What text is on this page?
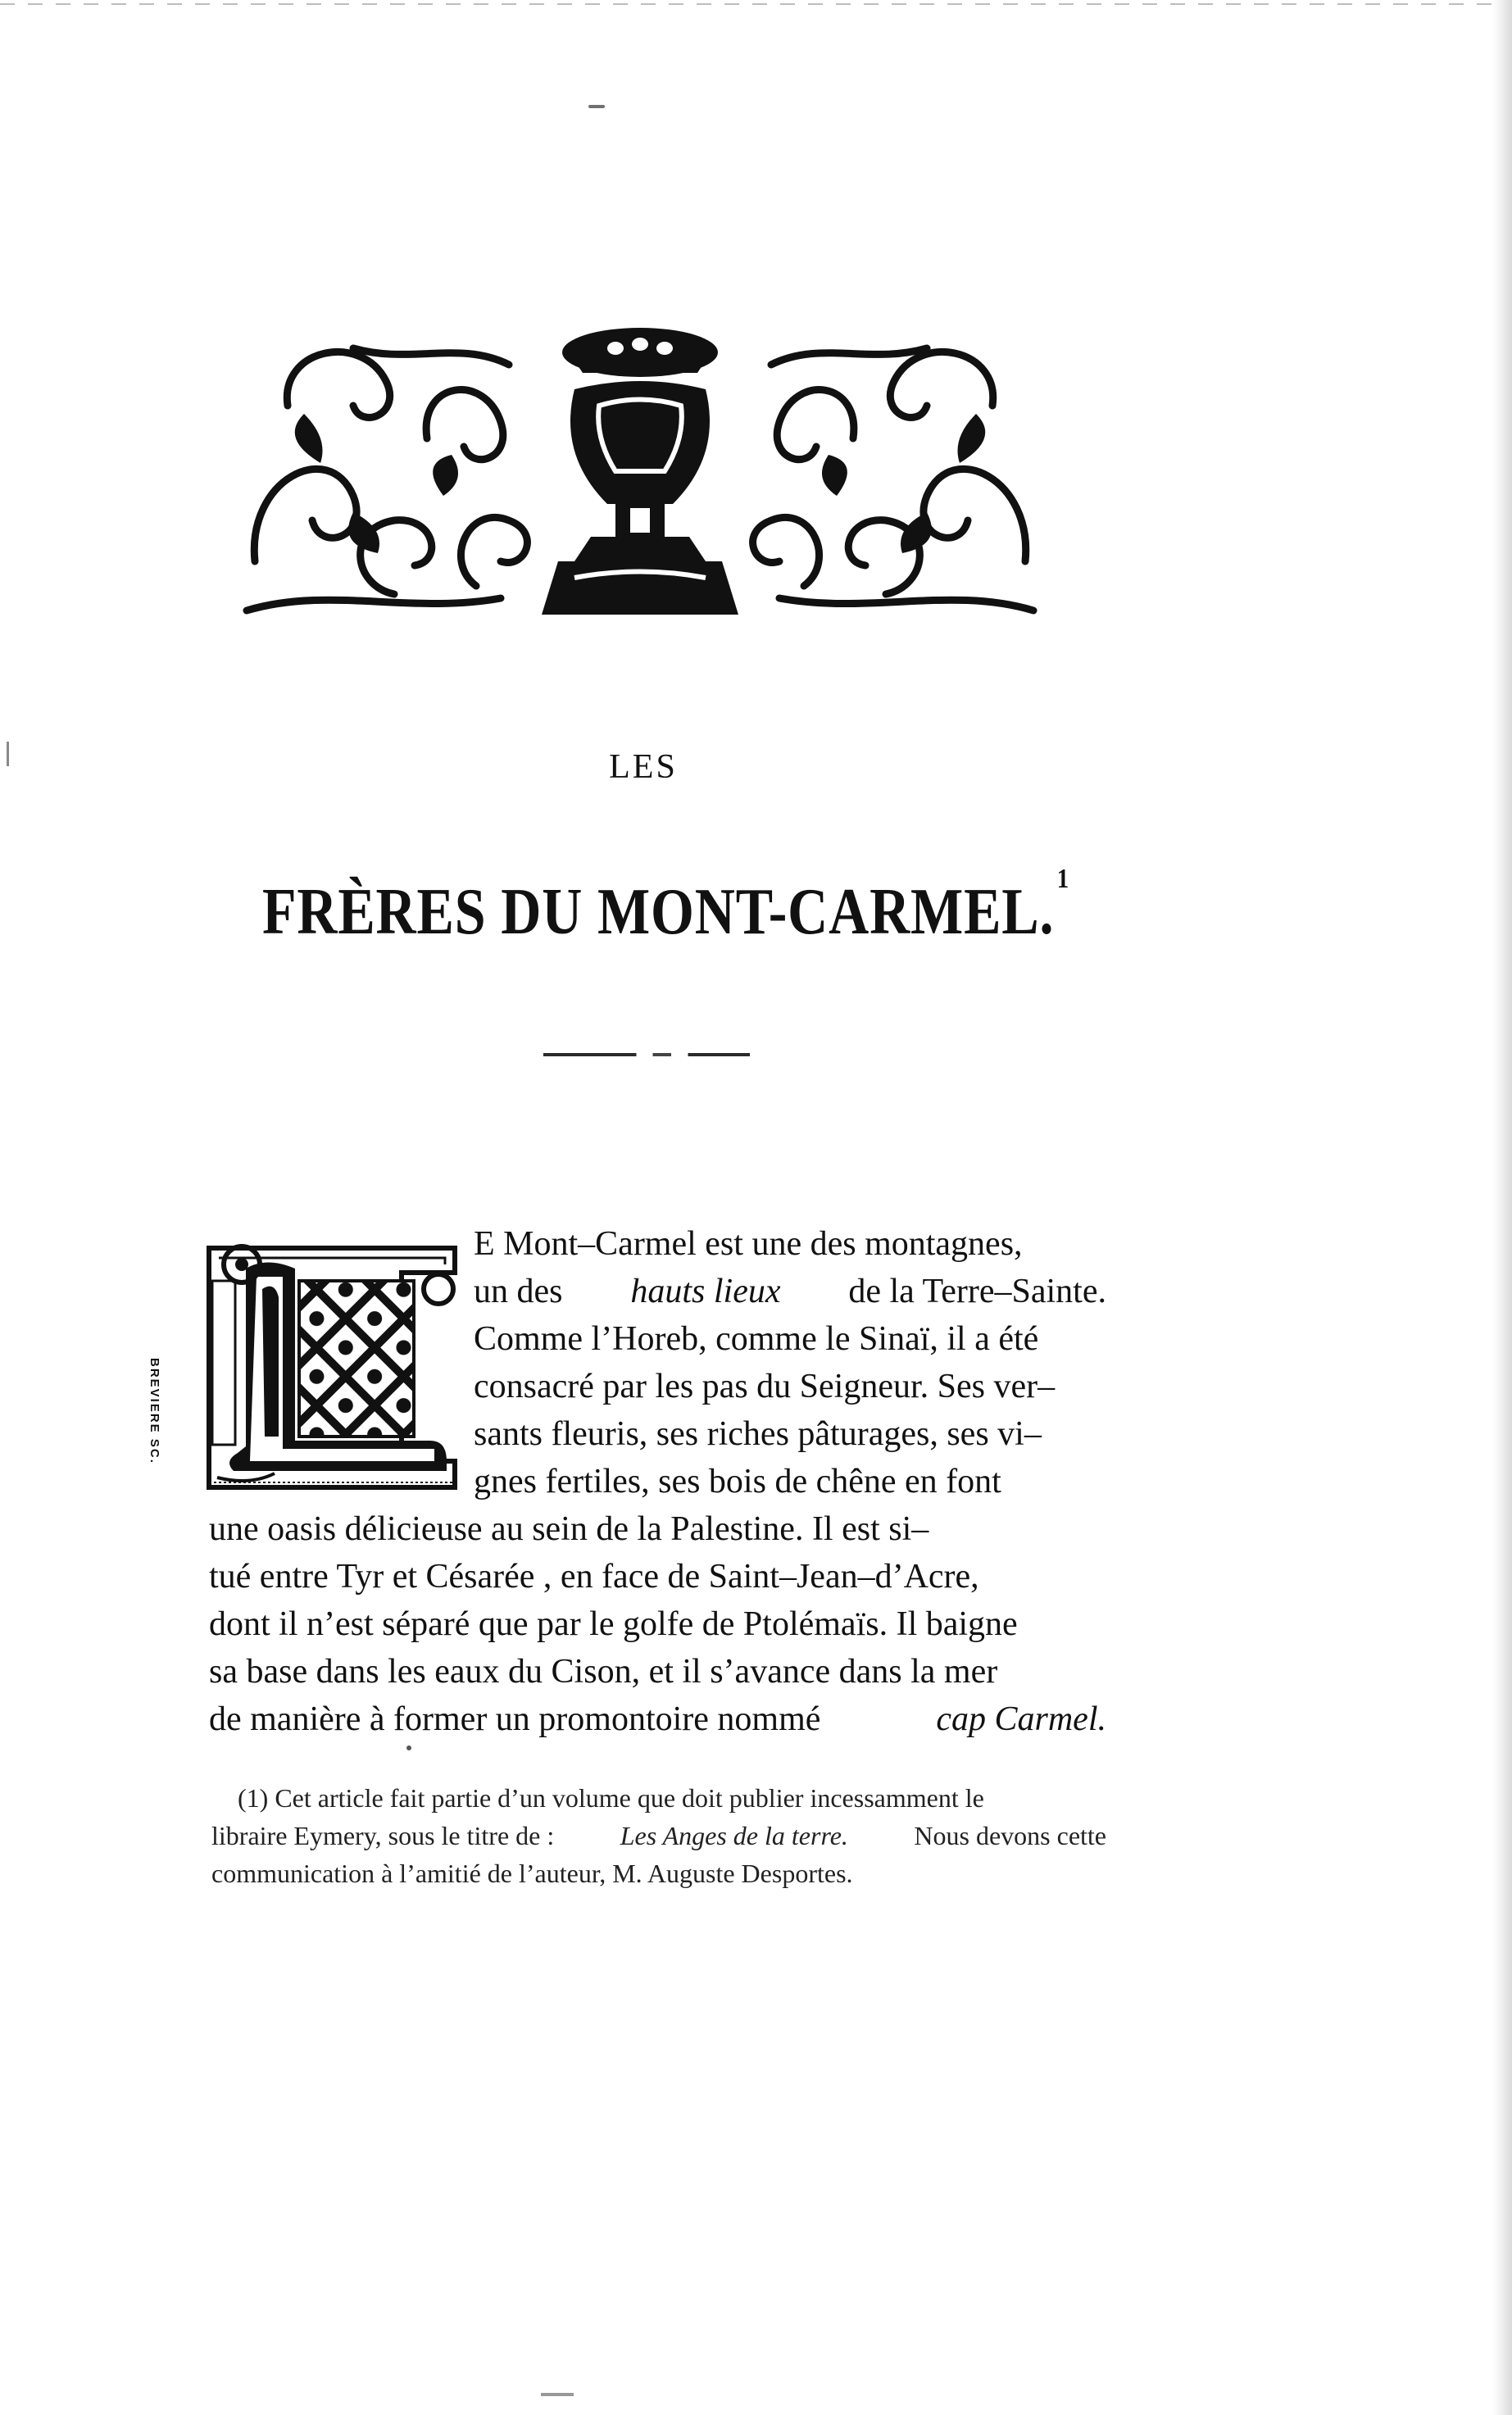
LES
FRÈRES DU MONT-CARMEL. $^1$
BREVIERE SC.
E Mont–Carmel est une des montagnes,
un des hauts lieux de la Terre–Sainte.
Comme l’Horeb, comme le Sinaï, il a été
consacré par les pas du Seigneur. Ses ver–
sants fleuris, ses riches pâturages, ses vi–
gnes fertiles, ses bois de chêne en font
une oasis délicieuse au sein de la Palestine. Il est si–
tué entre Tyr et Césarée , en face de Saint–Jean–d’Acre,
dont il n’est séparé que par le golfe de Ptolémaïs. Il baigne
sa base dans les eaux du Cison, et il s’avance dans la mer
de manière à former un promontoire nommé	cap Carmel.
(1) Cet article fait partie d’un volume que doit publier incessamment le
libraire Eymery, sous le titre de :	Les Anges de la terre.	Nous devons cette
communication à l’amitié de l’auteur, M. Auguste Desportes.
